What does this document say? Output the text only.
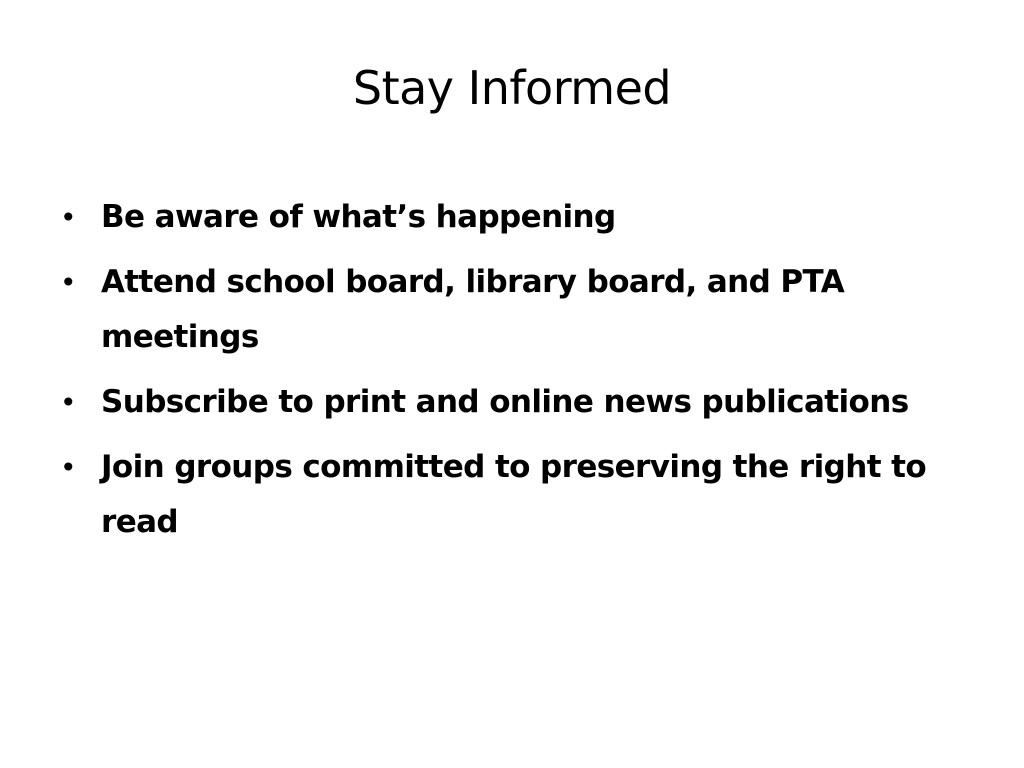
Stay Informed
• Be aware of what’s happening
• Attend school board, library board, and PTA meetings
• Subscribe to print and online news publications
• Join groups committed to preserving the right to read
